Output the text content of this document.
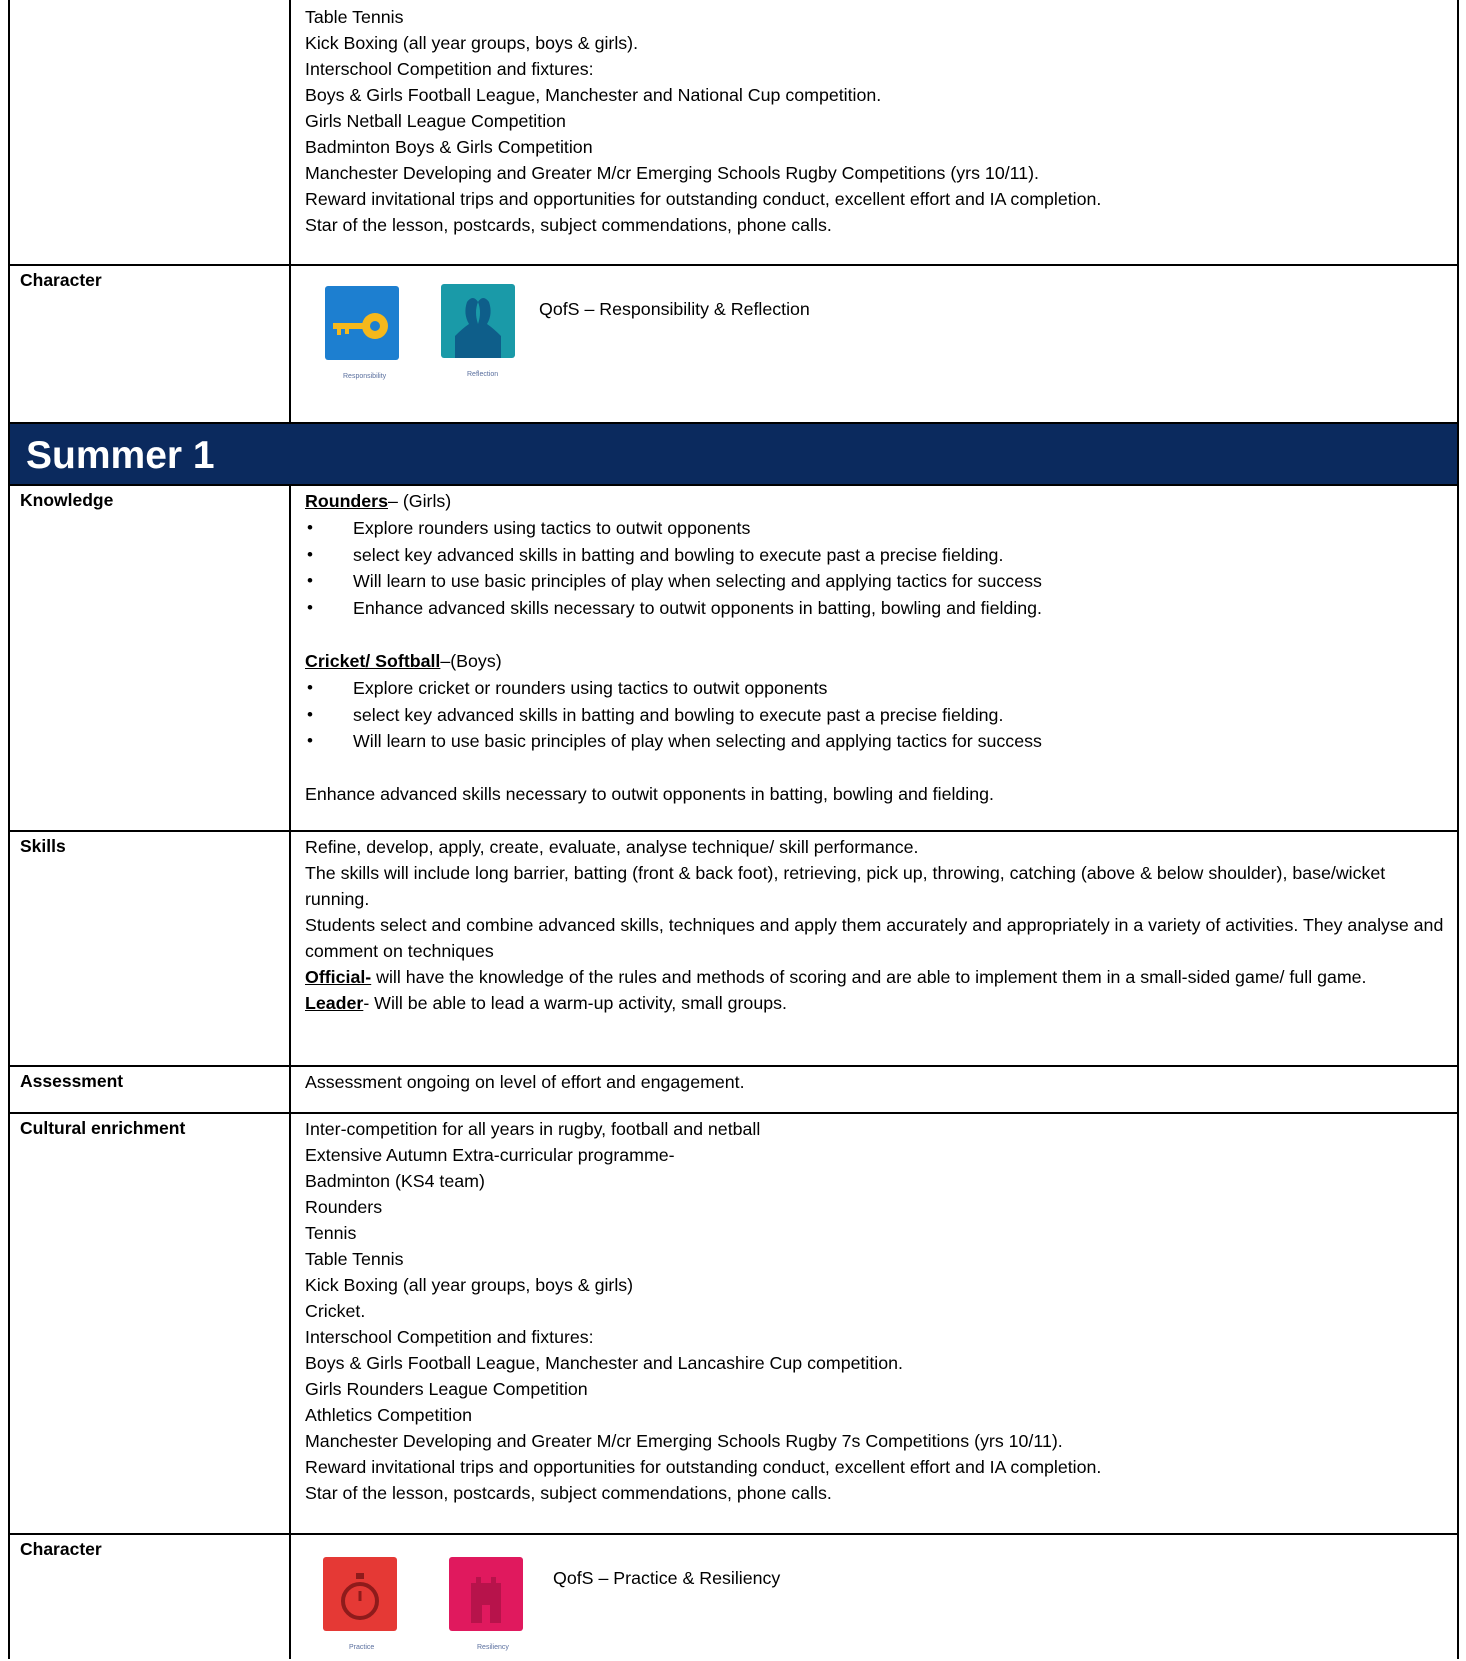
Table Tennis
Kick Boxing (all year groups, boys & girls).
Interschool Competition and fixtures:
Boys & Girls Football League, Manchester and National Cup competition.
Girls Netball League Competition
Badminton Boys & Girls Competition
Manchester Developing and Greater M/cr Emerging Schools Rugby Competitions (yrs 10/11).
Reward invitational trips and opportunities for outstanding conduct, excellent effort and IA completion.
Star of the lesson, postcards, subject commendations, phone calls.
Character
Responsibility	Reflection
QofS – Responsibility & Reflection
Summer 1
Knowledge	Rounders– (Girls)
• Explore rounders using tactics to outwit opponents
• select key advanced skills in batting and bowling to execute past a precise fielding.
• Will learn to use basic principles of play when selecting and applying tactics for success
• Enhance advanced skills necessary to outwit opponents in batting, bowling and fielding.
Cricket/ Softball–(Boys)
• Explore cricket or rounders using tactics to outwit opponents
• select key advanced skills in batting and bowling to execute past a precise fielding.
• Will learn to use basic principles of play when selecting and applying tactics for success
Enhance advanced skills necessary to outwit opponents in batting, bowling and fielding.
Skills	Refine, develop, apply, create, evaluate, analyse technique/ skill performance.
The skills will include long barrier, batting (front & back foot), retrieving, pick up, throwing, catching (above & below shoulder), base/wicket running.
Students select and combine advanced skills, techniques and apply them accurately and appropriately in a variety of activities. They analyse and comment on techniques
Official- will have the knowledge of the rules and methods of scoring and are able to implement them in a small-sided game/ full game.
Leader- Will be able to lead a warm-up activity, small groups.
Assessment	Assessment ongoing on level of effort and engagement.
Cultural enrichment	Inter-competition for all years in rugby, football and netball
Extensive Autumn Extra-curricular programme-
Badminton (KS4 team)
Rounders
Tennis
Table Tennis
Kick Boxing (all year groups, boys & girls)
Cricket.
Interschool Competition and fixtures:
Boys & Girls Football League, Manchester and Lancashire Cup competition.
Girls Rounders League Competition
Athletics Competition
Manchester Developing and Greater M/cr Emerging Schools Rugby 7s Competitions (yrs 10/11).
Reward invitational trips and opportunities for outstanding conduct, excellent effort and IA completion.
Star of the lesson, postcards, subject commendations, phone calls.
Character
Practice	Resiliency
QofS – Practice & Resiliency
